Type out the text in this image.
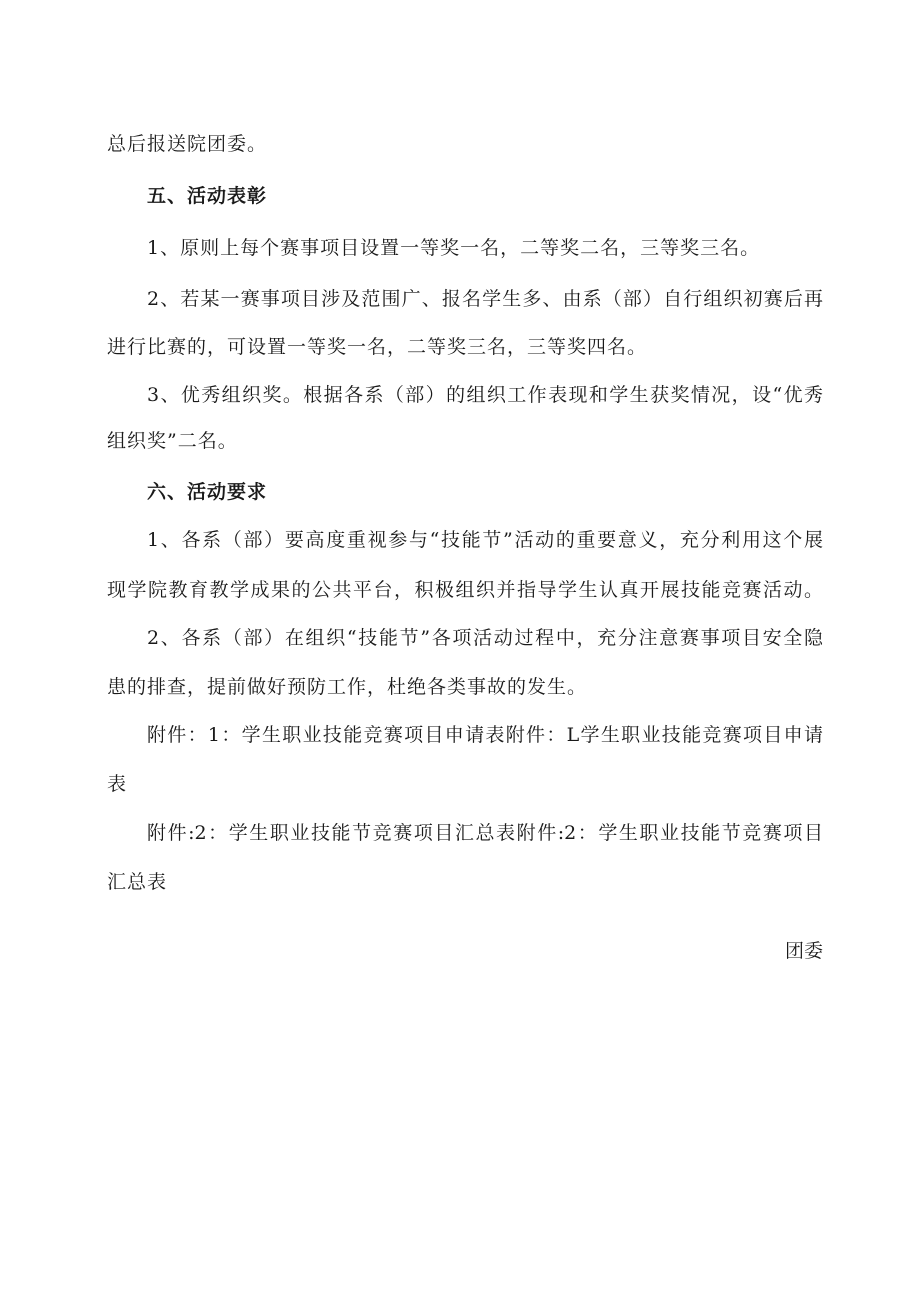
总后报送院团委。
五、活动表彰
1、原则上每个赛事项目设置一等奖一名，二等奖二名，三等奖三名。
2、若某一赛事项目涉及范围广、报名学生多、由系（部）自行组织初赛后再
进行比赛的，可设置一等奖一名，二等奖三名，三等奖四名。
3、优秀组织奖。根据各系（部）的组织工作表现和学生获奖情况，设“优秀
组织奖”二名。
六、活动要求
1、各系（部）要高度重视参与“技能节”活动的重要意义，充分利用这个展
现学院教育教学成果的公共平台，积极组织并指导学生认真开展技能竞赛活动。
2、各系（部）在组织“技能节”各项活动过程中，充分注意赛事项目安全隐
患的排查，提前做好预防工作，杜绝各类事故的发生。
附件：1：学生职业技能竞赛项目申请表附件：L学生职业技能竞赛项目申请
表
附件:2：学生职业技能节竞赛项目汇总表附件:2：学生职业技能节竞赛项目
汇总表
团委
